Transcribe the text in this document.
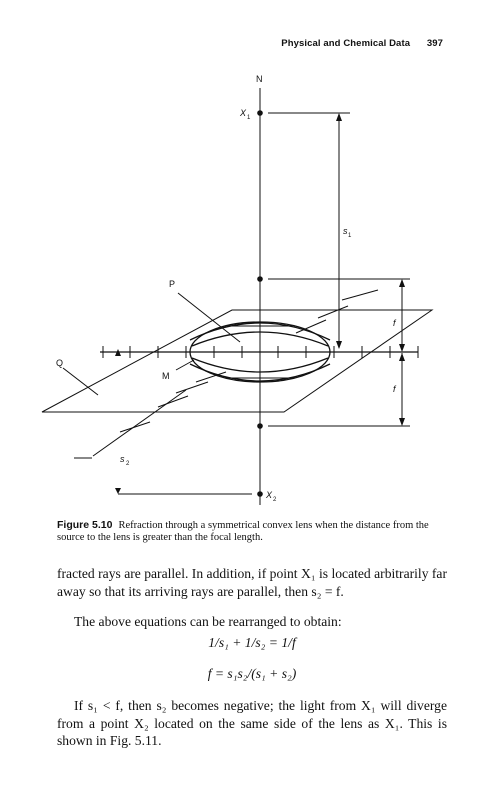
Physical and Chemical Data 397
N
X 1
s 1
P
f
Q
M
f
s 2
X 2
Figure 5.10 Refraction through a symmetrical convex lens when the distance from the source to the lens is greater than the focal length.
fracted rays are parallel. In addition, if point X₁ is located arbitrarily far away so that its arriving rays are parallel, then s₂ = f.
The above equations can be rearranged to obtain:
1/s₁ + 1/s₂ = 1/f
f = s₁s₂/(s₁ + s₂)
If s₁ < f, then s₂ becomes negative; the light from X₁ will diverge from a point X₂ located on the same side of the lens as X₁. This is shown in Fig. 5.11.
